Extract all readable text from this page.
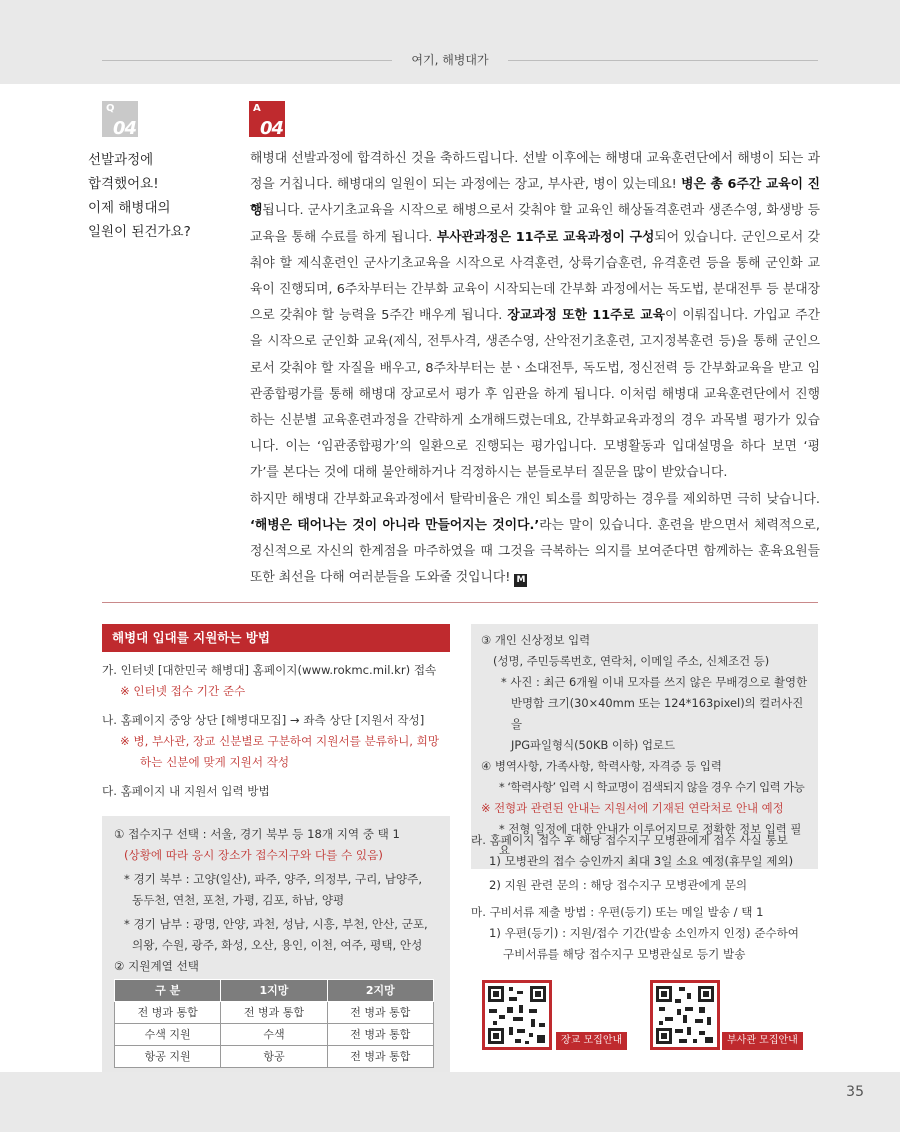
여기, 해병대가
Q
04
A
04
선발과정에
합격했어요!
이제 해병대의
일원이 된건가요?

해병대 선발과정에 합격하신 것을 축하드립니다. 선발 이후에는 해병대 교육훈련단에서 해병이 되는 과정을 거칩니다. 해병대의 일원이 되는 과정에는 장교, 부사관, 병이 있는데요! 병은 총 6주간 교육이 진행됩니다. 군사기초교육을 시작으로 해병으로서 갖춰야 할 교육인 해상돌격훈련과 생존수영, 화생방 등 교육을 통해 수료를 하게 됩니다. 부사관과정은 11주로 교육과정이 구성되어 있습니다. 군인으로서 갖춰야 할 제식훈련인 군사기초교육을 시작으로 사격훈련, 상륙기습훈련, 유격훈련 등을 통해 군인화 교육이 진행되며, 6주차부터는 간부화 교육이 시작되는데 간부화 과정에서는 독도법, 분대전투 등 분대장으로 갖춰야 할 능력을 5주간 배우게 됩니다. 장교과정 또한 11주로 교육이 이뤄집니다. 가입교 주간을 시작으로 군인화 교육(제식, 전투사격, 생존수영, 산악전기초훈련, 고지정복훈련 등)을 통해 군인으로서 갖춰야 할 자질을 배우고, 8주차부터는 분ㆍ소대전투, 독도법, 정신전력 등 간부화교육을 받고 임관종합평가를 통해 해병대 장교로서 평가 후 임관을 하게 됩니다. 이처럼 해병대 교육훈련단에서 진행하는 신분별 교육훈련과정을 간략하게 소개해드렸는데요, 간부화교육과정의 경우 과목별 평가가 있습니다. 이는 ‘임관종합평가’의 일환으로 진행되는 평가입니다. 모병활동과 입대설명을 하다 보면 ‘평가’를 본다는 것에 대해 불안해하거나 걱정하시는 분들로부터 질문을 많이 받았습니다.

하지만 해병대 간부화교육과정에서 탈락비율은 개인 퇴소를 희망하는 경우를 제외하면 극히 낮습니다. ‘해병은 태어나는 것이 아니라 만들어지는 것이다.’라는 말이 있습니다. 훈련을 받으면서 체력적으로, 정신적으로 자신의 한계점을 마주하였을 때 그것을 극복하는 의지를 보여준다면 함께하는 훈육요원들 또한 최선을 다해 여러분들을 도와줄 것입니다! M

해병대 입대를 지원하는 방법
가. 인터넷 [대한민국 해병대] 홈페이지(www.rokmc.mil.kr) 접속
※ 인터넷 접수 기간 준수
나. 홈페이지 중앙 상단 [해병대모집] → 좌측 상단 [지원서 작성]
※ 병, 부사관, 장교 신분별로 구분하여 지원서를 분류하니, 희망
하는 신분에 맞게 지원서 작성
다. 홈페이지 내 지원서 입력 방법
① 접수지구 선택 : 서울, 경기 북부 등 18개 지역 중 택 1
(상황에 따라 응시 장소가 접수지구와 다를 수 있음)
* 경기 북부 : 고양(일산), 파주, 양주, 의정부, 구리, 남양주,
동두천, 연천, 포천, 가평, 김포, 하남, 양평
* 경기 남부 : 광명, 안양, 과천, 성남, 시흥, 부천, 안산, 군포,
의왕, 수원, 광주, 화성, 오산, 용인, 이천, 여주, 평택, 안성
② 지원계열 선택
구 분	1지망	2지망
전 병과 통합	전 병과 통합	전 병과 통합
수색 지원	수색	전 병과 통합
항공 지원	항공	전 병과 통합
③ 개인 신상정보 입력
(성명, 주민등록번호, 연락처, 이메일 주소, 신체조건 등)
* 사진 : 최근 6개월 이내 모자를 쓰지 않은 무배경으로 촬영한
반명함 크기(30×40mm 또는 124*163pixel)의 컬러사진을
JPG파일형식(50KB 이하) 업로드
④ 병역사항, 가족사항, 학력사항, 자격증 등 입력
* ‘학력사항’ 입력 시 학교명이 검색되지 않을 경우 수기 입력 가능
※ 전형과 관련된 안내는 지원서에 기재된 연락처로 안내 예정
* 전형 일정에 대한 안내가 이루어지므로 정확한 정보 입력 필요
라. 홈페이지 접수 후 해당 접수지구 모병관에게 접수 사실 통보
1) 모병관의 접수 승인까지 최대 3일 소요 예정(휴무일 제외)
2) 지원 관련 문의 : 해당 접수지구 모병관에게 문의
마. 구비서류 제출 방법 : 우편(등기) 또는 메일 발송 / 택 1
1) 우편(등기) : 지원/접수 기간(발송 소인까지 인정) 준수하여
구비서류를 해당 접수지구 모병관실로 등기 발송
장교 모집안내	부사관 모집안내
35
